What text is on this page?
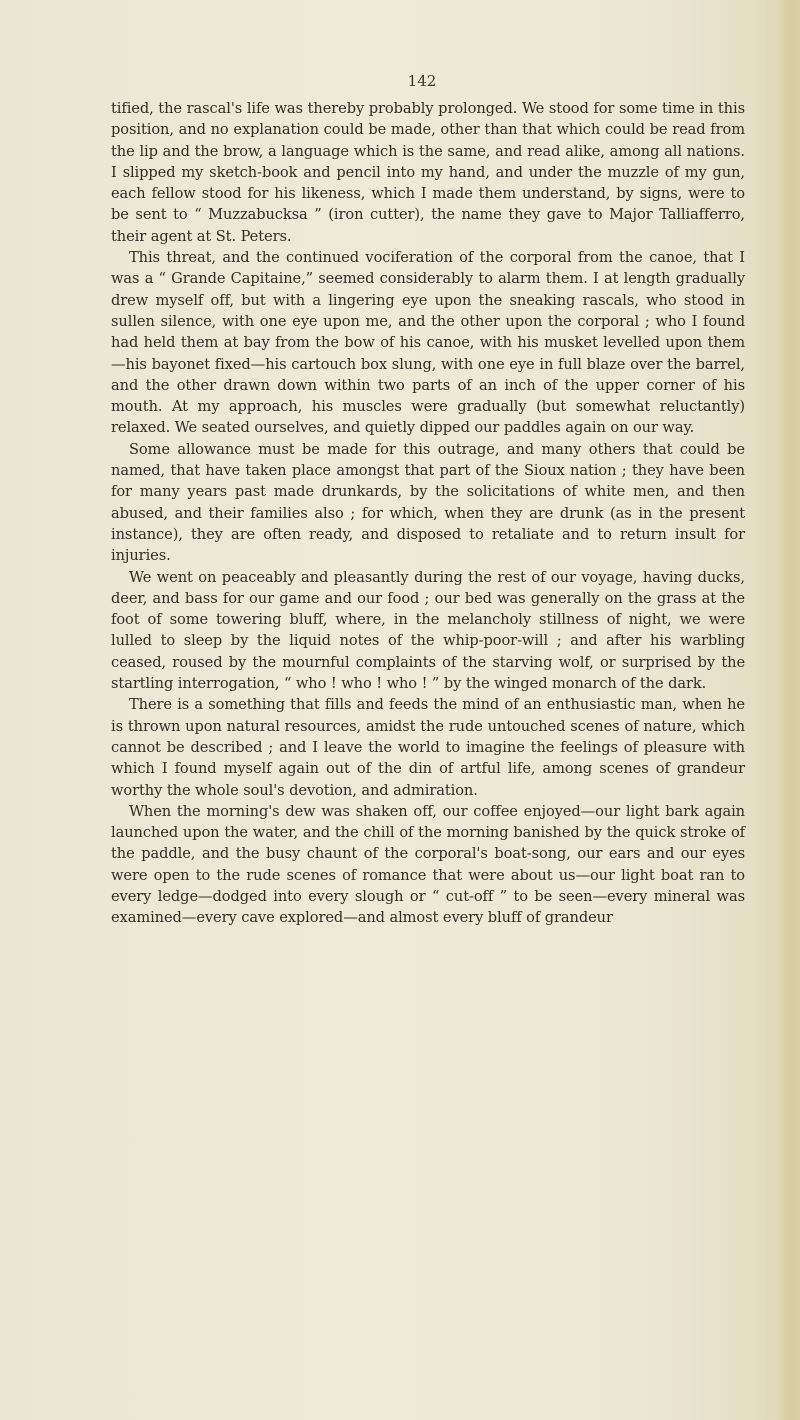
142

tified, the rascal's life was thereby probably prolonged. We stood for some time in this position, and no explanation could be made, other than that which could be read from the lip and the brow, a language which is the same, and read alike, among all nations. I slipped my sketch-book and pencil into my hand, and under the muzzle of my gun, each fellow stood for his likeness, which I made them understand, by signs, were to be sent to “ Muzzabucksa ” (iron cutter), the name they gave to Major Talliafferro, their agent at St. Peters.

This threat, and the continued vociferation of the corporal from the canoe, that I was a “ Grande Capitaine,” seemed considerably to alarm them. I at length gradually drew myself off, but with a lingering eye upon the sneaking rascals, who stood in sullen silence, with one eye upon me, and the other upon the corporal ; who I found had held them at bay from the bow of his canoe, with his musket levelled upon them—his bayonet fixed—his cartouch box slung, with one eye in full blaze over the barrel, and the other drawn down within two parts of an inch of the upper corner of his mouth. At my approach, his muscles were gradually (but somewhat reluctantly) relaxed. We seated ourselves, and quietly dipped our paddles again on our way.

Some allowance must be made for this outrage, and many others that could be named, that have taken place amongst that part of the Sioux nation ; they have been for many years past made drunkards, by the solicitations of white men, and then abused, and their families also ; for which, when they are drunk (as in the present instance), they are often ready, and disposed to retaliate and to return insult for injuries.

We went on peaceably and pleasantly during the rest of our voyage, having ducks, deer, and bass for our game and our food ; our bed was generally on the grass at the foot of some towering bluff, where, in the melancholy stillness of night, we were lulled to sleep by the liquid notes of the whip-poor-will ; and after his warbling ceased, roused by the mournful complaints of the starving wolf, or surprised by the startling interrogation, “ who ! who ! who ! ” by the winged monarch of the dark.

There is a something that fills and feeds the mind of an enthusiastic man, when he is thrown upon natural resources, amidst the rude untouched scenes of nature, which cannot be described ; and I leave the world to imagine the feelings of pleasure with which I found myself again out of the din of artful life, among scenes of grandeur worthy the whole soul's devotion, and admiration.

When the morning's dew was shaken off, our coffee enjoyed—our light bark again launched upon the water, and the chill of the morning banished by the quick stroke of the paddle, and the busy chaunt of the corporal's boat-song, our ears and our eyes were open to the rude scenes of romance that were about us—our light boat ran to every ledge—dodged into every slough or “ cut-off ” to be seen—every mineral was examined—every cave explored—and almost every bluff of grandeur
